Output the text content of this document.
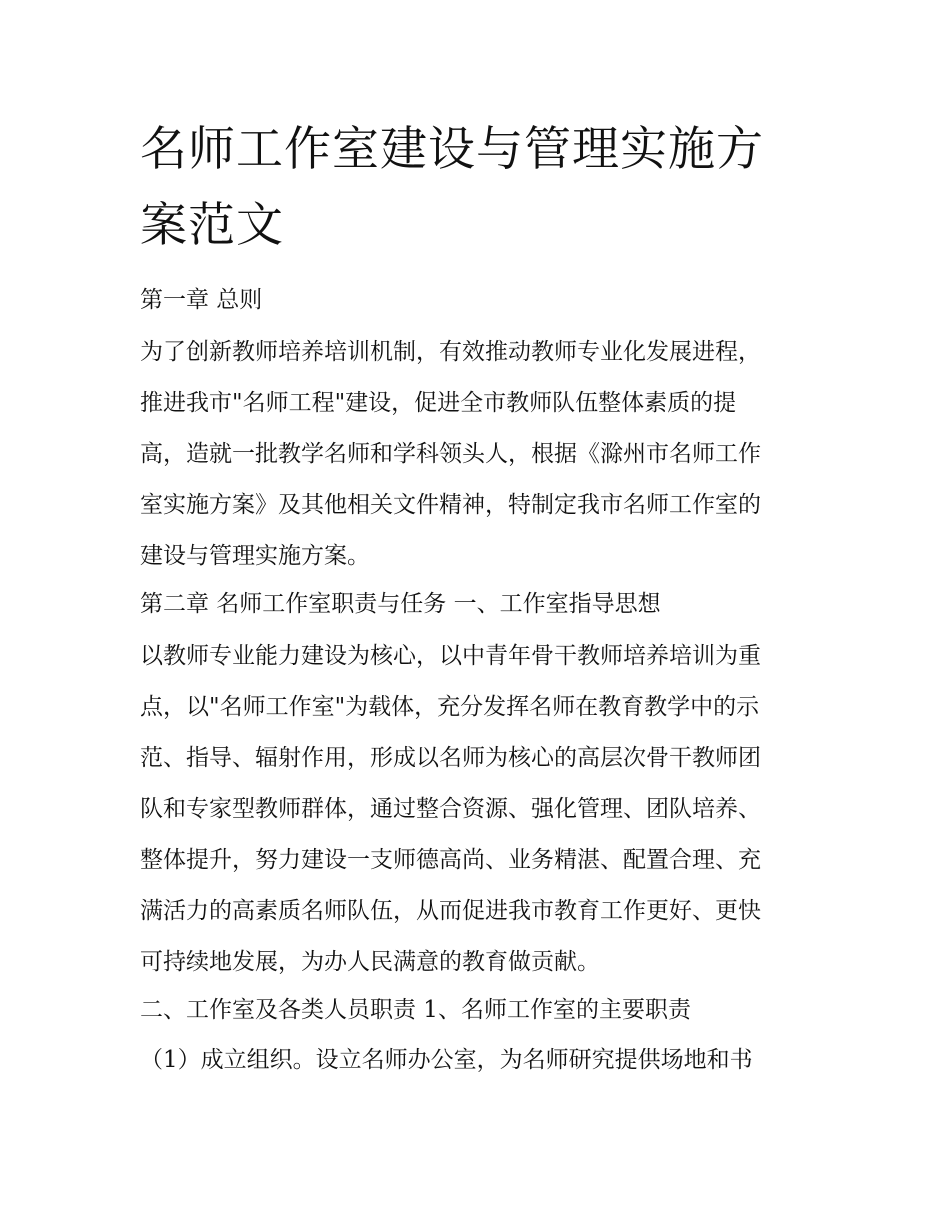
名师工作室建设与管理实施方
案范文

第一章 总则

为了创新教师培养培训机制，有效推动教师专业化发展进程，
推进我市"名师工程"建设，促进全市教师队伍整体素质的提
高，造就一批教学名师和学科领头人，根据《滁州市名师工作
室实施方案》及其他相关文件精神，特制定我市名师工作室的
建设与管理实施方案。

第二章 名师工作室职责与任务 一、工作室指导思想

以教师专业能力建设为核心，以中青年骨干教师培养培训为重
点，以"名师工作室"为载体，充分发挥名师在教育教学中的示
范、指导、辐射作用，形成以名师为核心的高层次骨干教师团
队和专家型教师群体，通过整合资源、强化管理、团队培养、
整体提升，努力建设一支师德高尚、业务精湛、配置合理、充
满活力的高素质名师队伍，从而促进我市教育工作更好、更快
可持续地发展，为办人民满意的教育做贡献。

二、工作室及各类人员职责 1、名师工作室的主要职责

（1）成立组织。设立名师办公室，为名师研究提供场地和书
